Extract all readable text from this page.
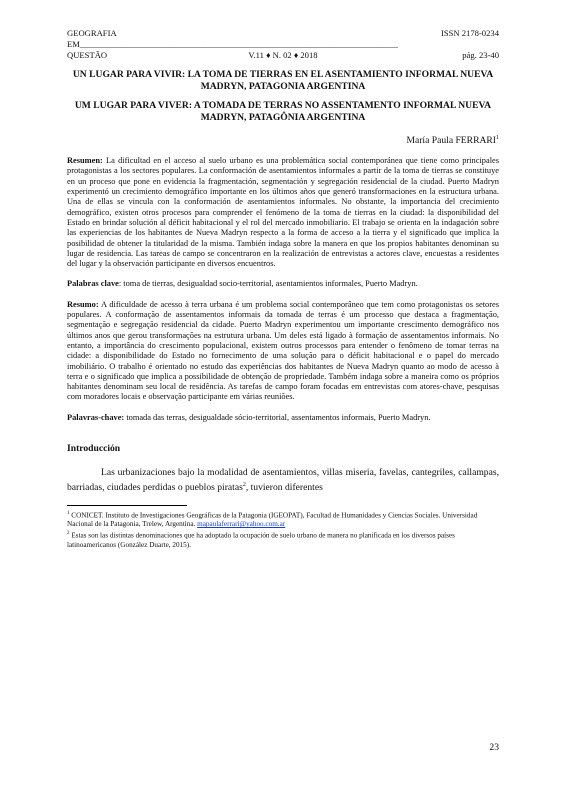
GEOGRAFIA	ISSN 2178-0234
EM__________________________________________________________________________
QUESTÃO	V.11 ♦ N. 02 ♦ 2018	pág. 23-40

UN LUGAR PARA VIVIR: LA TOMA DE TIERRAS EN EL ASENTAMIENTO INFORMAL NUEVA MADRYN, PATAGONIA ARGENTINA

UM LUGAR PARA VIVER: A TOMADA DE TERRAS NO ASSENTAMENTO INFORMAL NUEVA MADRYN, PATAGÔNIA ARGENTINA

María Paula FERRARI$^1$

Resumen: La dificultad en el acceso al suelo urbano es una problemática social contemporánea que tiene como principales protagonistas a los sectores populares. La conformación de asentamientos informales a partir de la toma de tierras se constituye en un proceso que pone en evidencia la fragmentación, segmentación y segregación residencial de la ciudad. Puerto Madryn experimentó un crecimiento demográfico importante en los últimos años que generó transformaciones en la estructura urbana. Una de ellas se vincula con la conformación de asentamientos informales. No obstante, la importancia del crecimiento demográfico, existen otros procesos para comprender el fenómeno de la toma de tierras en la ciudad: la disponibilidad del Estado en brindar solución al déficit habitacional y el rol del mercado inmobiliario. El trabajo se orienta en la indagación sobre las experiencias de los habitantes de Nueva Madryn respecto a la forma de acceso a la tierra y el significado que implica la posibilidad de obtener la titularidad de la misma. También indaga sobre la manera en que los propios habitantes denominan su lugar de residencia. Las tareas de campo se concentraron en la realización de entrevistas a actores clave, encuestas a residentes del lugar y la observación participante en diversos encuentros.

Palabras clave: toma de tierras, desigualdad socio-territorial, asentamientos informales, Puerto Madryn.

Resumo: A dificuldade de acesso à terra urbana é um problema social contemporâneo que tem como protagonistas os setores populares. A conformação de assentamentos informais da tomada de terras é um processo que destaca a fragmentação, segmentação e segregação residencial da cidade. Puerto Madryn experimentou um importante crescimento demográfico nos últimos anos que gerou transformações na estrutura urbana. Um deles está ligado à formação de assentamentos informais. No entanto, a importância do crescimento populacional, existem outros processos para entender o fenômeno de tomar terras na cidade: a disponibilidade do Estado no fornecimento de uma solução para o déficit habitacional e o papel do mercado imobiliário. O trabalho é orientado no estudo das experiências dos habitantes de Nueva Madryn quanto ao modo de acesso à terra e o significado que implica a possibilidade de obtenção de propriedade. Também indaga sobre a maneira como os próprios habitantes denominam seu local de residência. As tarefas de campo foram focadas em entrevistas com atores-chave, pesquisas com moradores locais e observação participante em várias reuniões.

Palavras-chave: tomada das terras, desigualdade sócio-territorial, assentamentos informais, Puerto Madryn.

Introducción

Las urbanizaciones bajo la modalidad de asentamientos, villas miseria, favelas, cantegriles, callampas, barriadas, ciudades perdidas o pueblos piratas$^2$, tuvieron diferentes

$^1$ CONICET. Instituto de Investigaciones Geográficas de la Patagonia (IGEOPAT), Facultad de Humanidades y Ciencias Sociales. Universidad Nacional de la Patagonia, Trelew, Argentina. mapaulaferrari@yahoo.com.ar

$^2$ Estas son las distintas denominaciones que ha adoptado la ocupación de suelo urbano de manera no planificada en los diversos países latinoamericanos (González Duarte, 2015).

23
